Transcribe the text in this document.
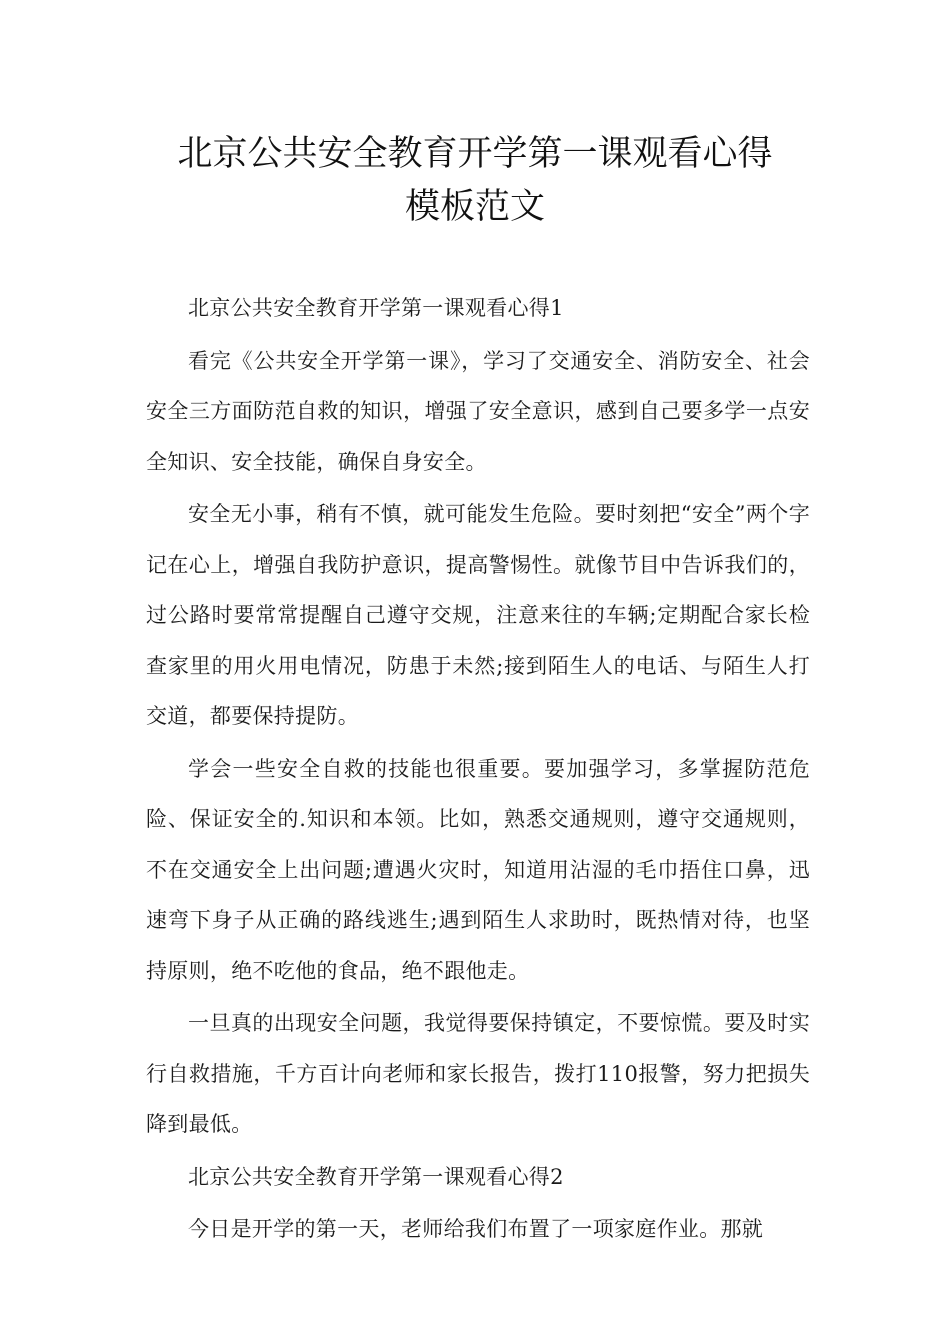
北京公共安全教育开学第一课观看心得
模板范文

北京公共安全教育开学第一课观看心得1

看完《公共安全开学第一课》，学习了交通安全、消防安全、社会安全三方面防范自救的知识，增强了安全意识，感到自己要多学一点安全知识、安全技能，确保自身安全。

安全无小事，稍有不慎，就可能发生危险。要时刻把“安全”两个字记在心上，增强自我防护意识，提高警惕性。就像节目中告诉我们的，过公路时要常常提醒自己遵守交规，注意来往的车辆;定期配合家长检查家里的用火用电情况，防患于未然;接到陌生人的电话、与陌生人打交道，都要保持提防。

学会一些安全自救的技能也很重要。要加强学习，多掌握防范危险、保证安全的.知识和本领。比如，熟悉交通规则，遵守交通规则，不在交通安全上出问题;遭遇火灾时，知道用沾湿的毛巾捂住口鼻，迅速弯下身子从正确的路线逃生;遇到陌生人求助时，既热情对待，也坚持原则，绝不吃他的食品，绝不跟他走。

一旦真的出现安全问题，我觉得要保持镇定，不要惊慌。要及时实行自救措施，千方百计向老师和家长报告，拨打110报警，努力把损失降到最低。

北京公共安全教育开学第一课观看心得2

今日是开学的第一天，老师给我们布置了一项家庭作业。那就
